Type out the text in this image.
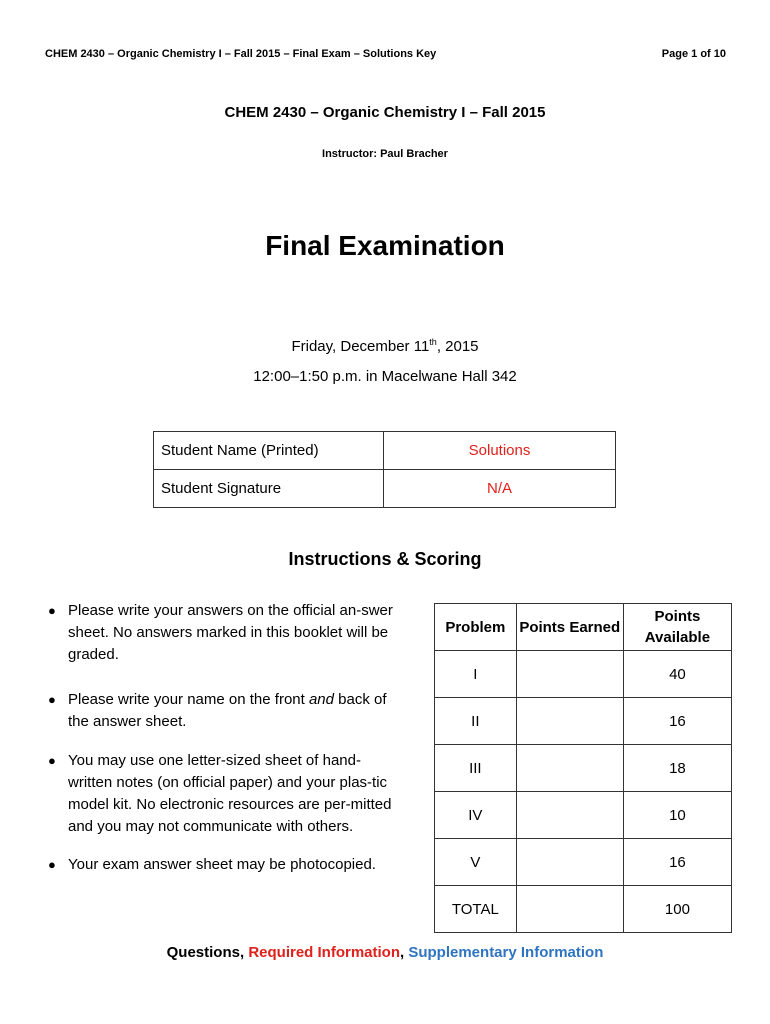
CHEM 2430 – Organic Chemistry I – Fall 2015 – Final Exam – Solutions Key	Page 1 of 10
CHEM 2430 – Organic Chemistry I – Fall 2015
Instructor: Paul Bracher
Final Examination
Friday, December 11th, 2015
12:00–1:50 p.m. in Macelwane Hall 342
Student Name (Printed)	Solutions
Student Signature	N/A
Instructions & Scoring
● Please write your answers on the official an-swer sheet. No answers marked in this booklet will be graded.
● Please write your name on the front and back of the answer sheet.
● You may use one letter-sized sheet of hand-written notes (on official paper) and your plas-tic model kit. No electronic resources are per-mitted and you may not communicate with others.
● Your exam answer sheet may be photocopied.
Problem	Points Earned	Points Available
I		40
II		16
III		18
IV		10
V		16
TOTAL		100
Questions, Required Information, Supplementary Information
